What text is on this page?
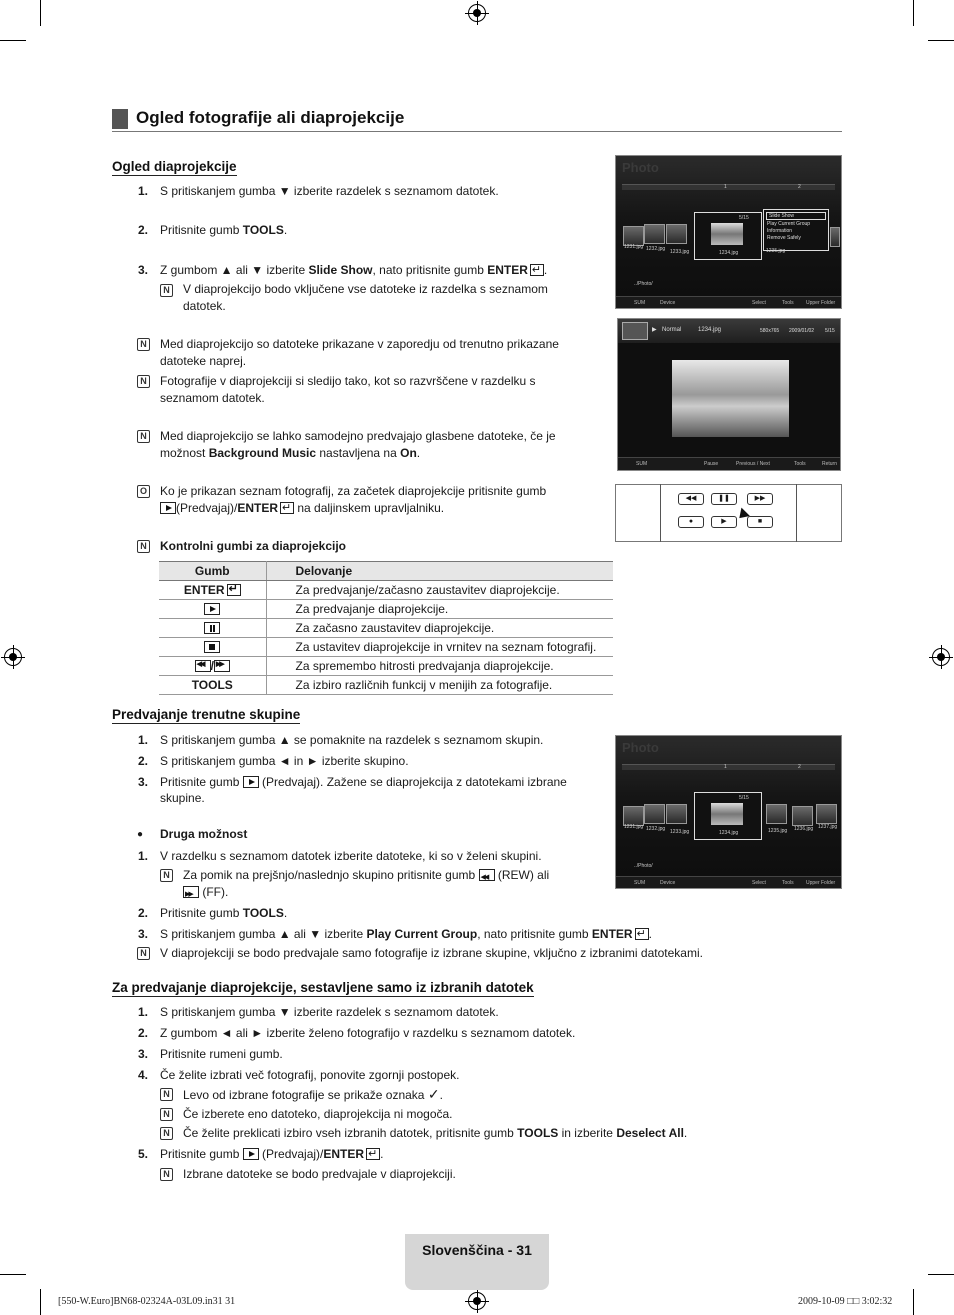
Ogled fotografije ali diaprojekcije
Ogled diaprojekcije
1. S pritiskanjem gumba ▼ izberite razdelek s seznamom datotek.
2. Pritisnite gumb TOOLS.
3. Z gumbom ▲ ali ▼ izberite Slide Show, nato pritisnite gumb ENTER ↵ .
N V diaprojekcijo bodo vključene vse datoteke iz razdelka s seznamom
datotek.
N Med diaprojekcijo so datoteke prikazane v zaporedju od trenutno prikazane
datoteke naprej.
N Fotografije v diaprojekciji si sledijo tako, kot so razvrščene v razdelku s
seznamom datotek.
N Med diaprojekcijo se lahko samodejno predvajajo glasbene datoteke, če je
možnost Background Music nastavljena na On.
O Ko je prikazan seznam fotografij, za začetek diaprojekcije pritisnite gumb
(Predvajaj)/ENTER↵ na daljinskem upravljalniku.
N Kontrolni gumbi za diaprojekcijo
Gumb	Delovanje
ENTER↵	Za predvajanje/začasno zaustavitev diaprojekcije.
	Za predvajanje diaprojekcije.
	Za začasno zaustavitev diaprojekcije.
	Za ustavitev diaprojekcije in vrnitev na seznam fotografij.
◀◀/▶▶	Za spremembo hitrosti predvajanja diaprojekcije.
TOOLS	Za izbiro različnih funkcij v menijih za fotografije.
Predvajanje trenutne skupine
1. S pritiskanjem gumba ▲ se pomaknite na razdelek s seznamom skupin.
2. S pritiskanjem gumba ◄ in ► izberite skupino.
3. Pritisnite gumb  (Predvajaj). Zažene se diaprojekcija z datotekami izbrane
skupine.
● Druga možnost
1. V razdelku s seznamom datotek izberite datoteke, ki so v želeni skupini.
N Za pomik na prejšnjo/naslednjo skupino pritisnite gumb ◀◀ (REW) ali
▶▶ (FF).
2. Pritisnite gumb TOOLS.
3. S pritiskanjem gumba ▲ ali ▼ izberite Play Current Group, nato pritisnite gumb ENTER ↵ .
N V diaprojekciji se bodo predvajale samo fotografije iz izbrane skupine, vključno z izbranimi datotekami.
Za predvajanje diaprojekcije, sestavljene samo iz izbranih datotek
1. S pritiskanjem gumba ▼ izberite razdelek s seznamom datotek.
2. Z gumbom ◄ ali ► izberite želeno fotografijo v razdelku s seznamom datotek.
3. Pritisnite rumeni gumb.
4. Če želite izbrati več fotografij, ponovite zgornji postopek.
N Levo od izbrane fotografije se prikaže oznaka ✓.
N Če izberete eno datoteko, diaprojekcija ni mogoča.
N Če želite preklicati izbiro vseh izbranih datotek, pritisnite gumb TOOLS in izberite Deselect All.
5. Pritisnite gumb  (Predvajaj)/ENTER ↵ .
N Izbrane datoteke se bodo predvajale v diaprojekciji.
Photo
1	2
1231.jpg 1232.jpg 1233.jpg
5/15
1234.jpg
Slide Show
Play Current Group
Information
Remove Safely
1235.jpg
../Photo/
SUM	Device	Select	Tools Upper Folder
▶ Normal	1234.jpg	580x765 2009/01/02 5/15
SUM	Pause	Previous / Next	Tools	Return
◀◀	❚❚	▶▶
●	▶	■
Photo
1	2
1231.jpg 1232.jpg 1233.jpg
5/15
1234.jpg	1235.jpg 1236.jpg 1237.jpg
../Photo/
SUM	Device	Select	Tools Upper Folder
Slovenščina - 31
[550-W.Euro]BN68-02324A-03L09.in31 31	2009-10-09 □□ 3:02:32
